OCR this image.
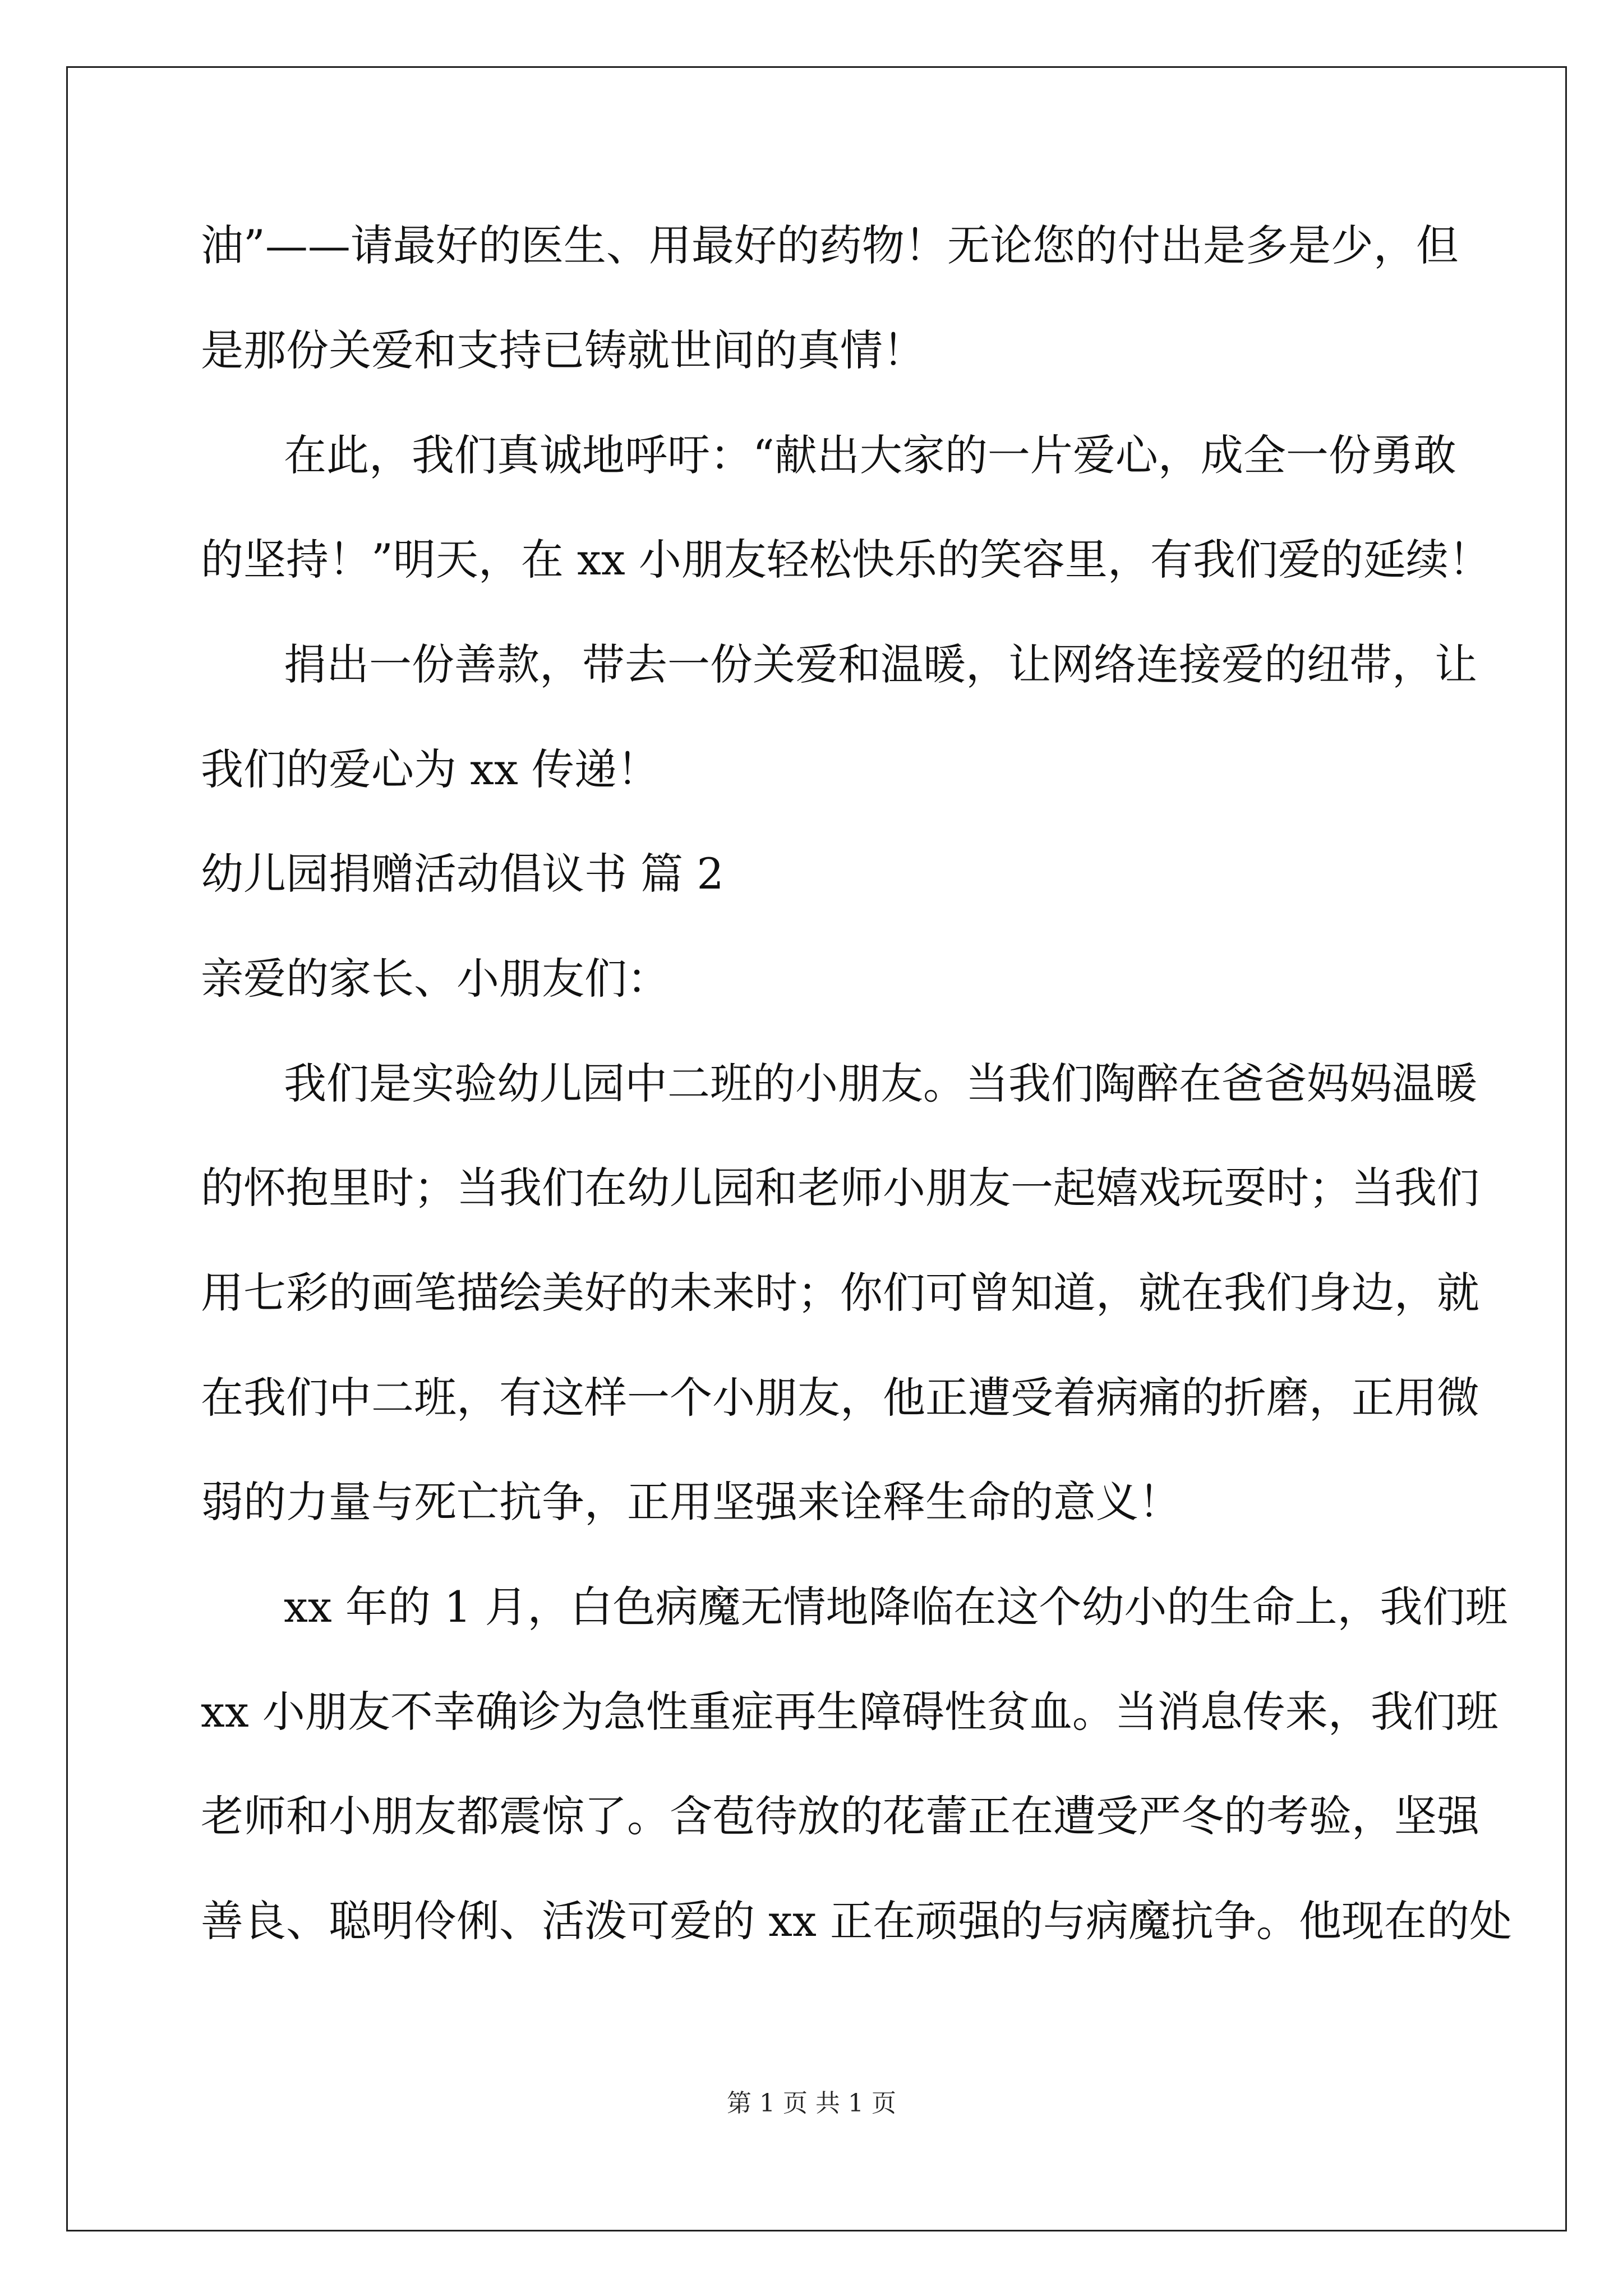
油”——请最好的医生、用最好的药物！无论您的付出是多是少，但
是那份关爱和支持已铸就世间的真情！
在此，我们真诚地呼吁：“献出大家的一片爱心，成全一份勇敢
的坚持！”明天，在 xx 小朋友轻松快乐的笑容里，有我们爱的延续！
捐出一份善款，带去一份关爱和温暖，让网络连接爱的纽带，让
我们的爱心为 xx 传递！
幼儿园捐赠活动倡议书 篇 2
亲爱的家长、小朋友们：
我们是实验幼儿园中二班的小朋友。当我们陶醉在爸爸妈妈温暖
的怀抱里时；当我们在幼儿园和老师小朋友一起嬉戏玩耍时；当我们
用七彩的画笔描绘美好的未来时；你们可曾知道，就在我们身边，就
在我们中二班，有这样一个小朋友，他正遭受着病痛的折磨，正用微
弱的力量与死亡抗争，正用坚强来诠释生命的意义！
xx 年的 1 月，白色病魔无情地降临在这个幼小的生命上，我们班
xx 小朋友不幸确诊为急性重症再生障碍性贫血。当消息传来，我们班
老师和小朋友都震惊了。含苞待放的花蕾正在遭受严冬的考验，坚强
善良、聪明伶俐、活泼可爱的 xx 正在顽强的与病魔抗争。他现在的处
第 1 页 共 1 页
